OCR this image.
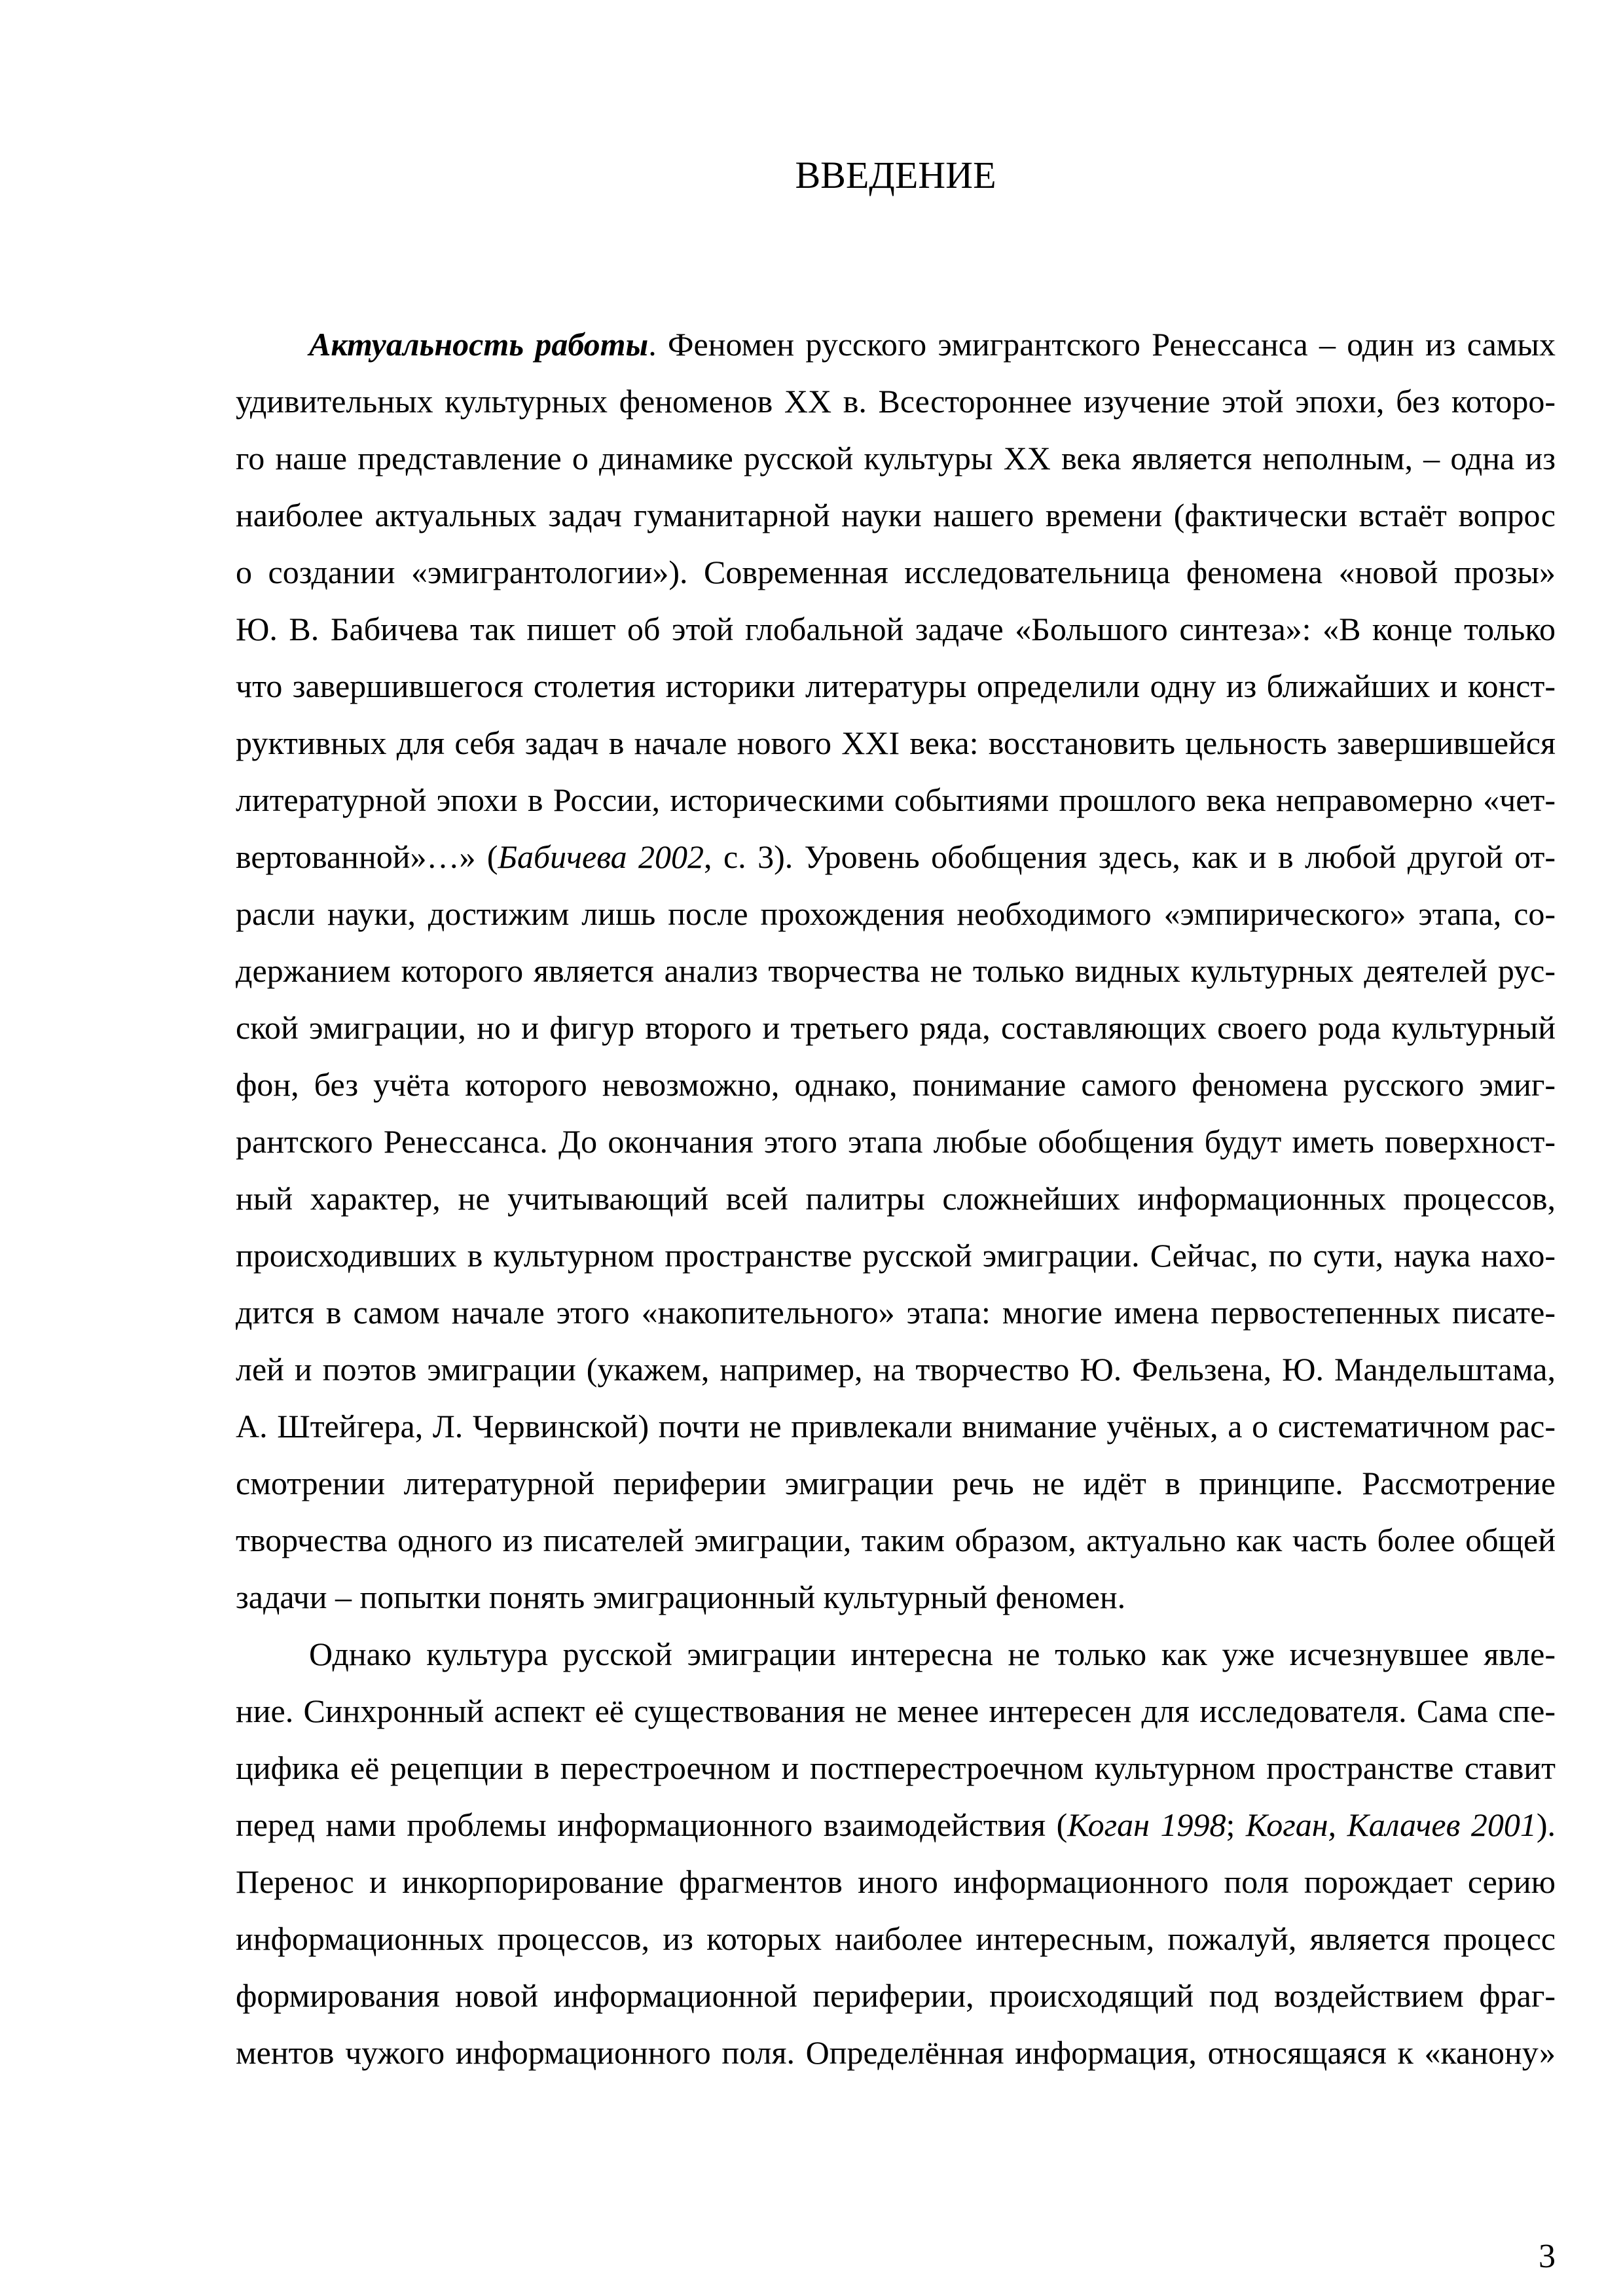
ВВЕДЕНИЕ
Актуальность работы. Феномен русского эмигрантского Ренессанса – один из самых
удивительных культурных феноменов XX в. Всестороннее изучение этой эпохи, без которо-
го наше представление о динамике русской культуры XX века является неполным, – одна из
наиболее актуальных задач гуманитарной науки нашего времени (фактически встаёт вопрос
о создании «эмигрантологии»). Современная исследовательница феномена «новой прозы»
Ю. В. Бабичева так пишет об этой глобальной задаче «Большого синтеза»: «В конце только
что завершившегося столетия историки литературы определили одну из ближайших и конст-
руктивных для себя задач в начале нового XXI века: восстановить цельность завершившейся
литературной эпохи в России, историческими событиями прошлого века неправомерно «чет-
вертованной»…» (Бабичева 2002, с. 3). Уровень обобщения здесь, как и в любой другой от-
расли науки, достижим лишь после прохождения необходимого «эмпирического» этапа, со-
держанием которого является анализ творчества не только видных культурных деятелей рус-
ской эмиграции, но и фигур второго и третьего ряда, составляющих своего рода культурный
фон, без учёта которого невозможно, однако, понимание самого феномена русского эмиг-
рантского Ренессанса. До окончания этого этапа любые обобщения будут иметь поверхност-
ный характер, не учитывающий всей палитры сложнейших информационных процессов,
происходивших в культурном пространстве русской эмиграции. Сейчас, по сути, наука нахо-
дится в самом начале этого «накопительного» этапа: многие имена первостепенных писате-
лей и поэтов эмиграции (укажем, например, на творчество Ю. Фельзена, Ю. Мандельштама,
А. Штейгера, Л. Червинской) почти не привлекали внимание учёных, а о систематичном рас-
смотрении литературной периферии эмиграции речь не идёт в принципе. Рассмотрение
творчества одного из писателей эмиграции, таким образом, актуально как часть более общей
задачи – попытки понять эмиграционный культурный феномен.
Однако культура русской эмиграции интересна не только как уже исчезнувшее явле-
ние. Синхронный аспект её существования не менее интересен для исследователя. Сама спе-
цифика её рецепции в перестроечном и постперестроечном культурном пространстве ставит
перед нами проблемы информационного взаимодействия (Коган 1998; Коган, Калачев 2001).
Перенос и инкорпорирование фрагментов иного информационного поля порождает серию
информационных процессов, из которых наиболее интересным, пожалуй, является процесс
формирования новой информационной периферии, происходящий под воздействием фраг-
ментов чужого информационного поля. Определённая информация, относящаяся к «канону»
3
